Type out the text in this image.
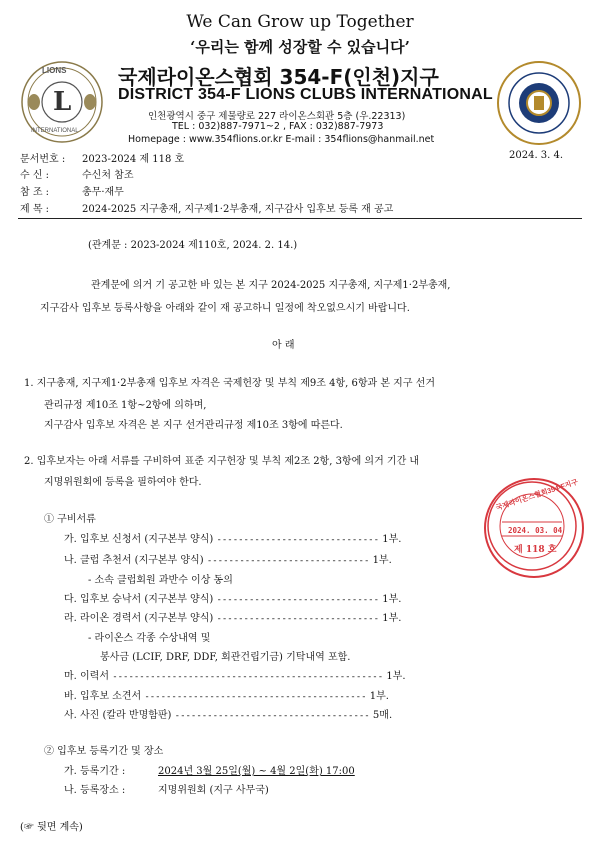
We Can Grow up Together
‘우리는 함께 성장할 수 있습니다’
LIONS
L
INTERNATIONAL
국제라이온스협회 354-F(인천)지구
DISTRICT 354-F LIONS CLUBS INTERNATIONAL
인천광역시 중구 제물량로 227 라이온스회관 5층 (우.22313)
TEL : 032)887-7971~2 , FAX : 032)887-7973
Homepage : www.354flions.or.kr E-mail : 354flions@hanmail.net
문서번호 : 2023-2024 제 118 호	2024. 3. 4.
수 신 :	수신처 참조
참 조 :	총무·재무
제 목 :	2024-2025 지구총재, 지구제1·2부총재, 지구감사 입후보 등록 재 공고
(관계문 : 2023-2024 제110호, 2024. 2. 14.)
관계문에 의거 기 공고한 바 있는 본 지구 2024-2025 지구총재, 지구제1·2부총재,
지구감사 입후보 등록사항을 아래와 같이 재 공고하니 일정에 착오없으시기 바랍니다.
아 래
1. 지구총재, 지구제1·2부총재 입후보 자격은 국제헌장 및 부칙 제9조 4항, 6항과 본 지구 선거
관리규정 제10조 1항~2항에 의하며,
지구감사 입후보 자격은 본 지구 선거관리규정 제10조 3항에 따른다.
2. 입후보자는 아래 서류를 구비하여 표준 지구헌장 및 부칙 제2조 2항, 3항에 의거 기간 내
지명위원회에 등록을 필하여야 한다.
① 구비서류
가. 입후보 신청서 (지구본부 양식) ------------------------------ 1부.
나. 클럽 추천서 (지구본부 양식) ------------------------------ 1부.
- 소속 클럽회원 과반수 이상 동의
다. 입후보 승낙서 (지구본부 양식) ------------------------------ 1부.
라. 라이온 경력서 (지구본부 양식) ------------------------------ 1부.
- 라이온스 각종 수상내역 및
봉사금 (LCIF, DRF, DDF, 회관건립기금) 기탁내역 포함.
마. 이력서 -------------------------------------------------- 1부.
바. 입후보 소견서 ----------------------------------------- 1부.
사. 사진 (칼라 반명함판) ------------------------------------ 5매.
② 입후보 등록기간 및 장소
가. 등록기간 :	2024년 3월 25일(월) ~ 4월 2일(화) 17:00
나. 등록장소 :	지명위원회 (지구 사무국)
(☞ 뒷면 계속)
국제라이온스협회354-F지구
2024. 03. 04
제 118 호
